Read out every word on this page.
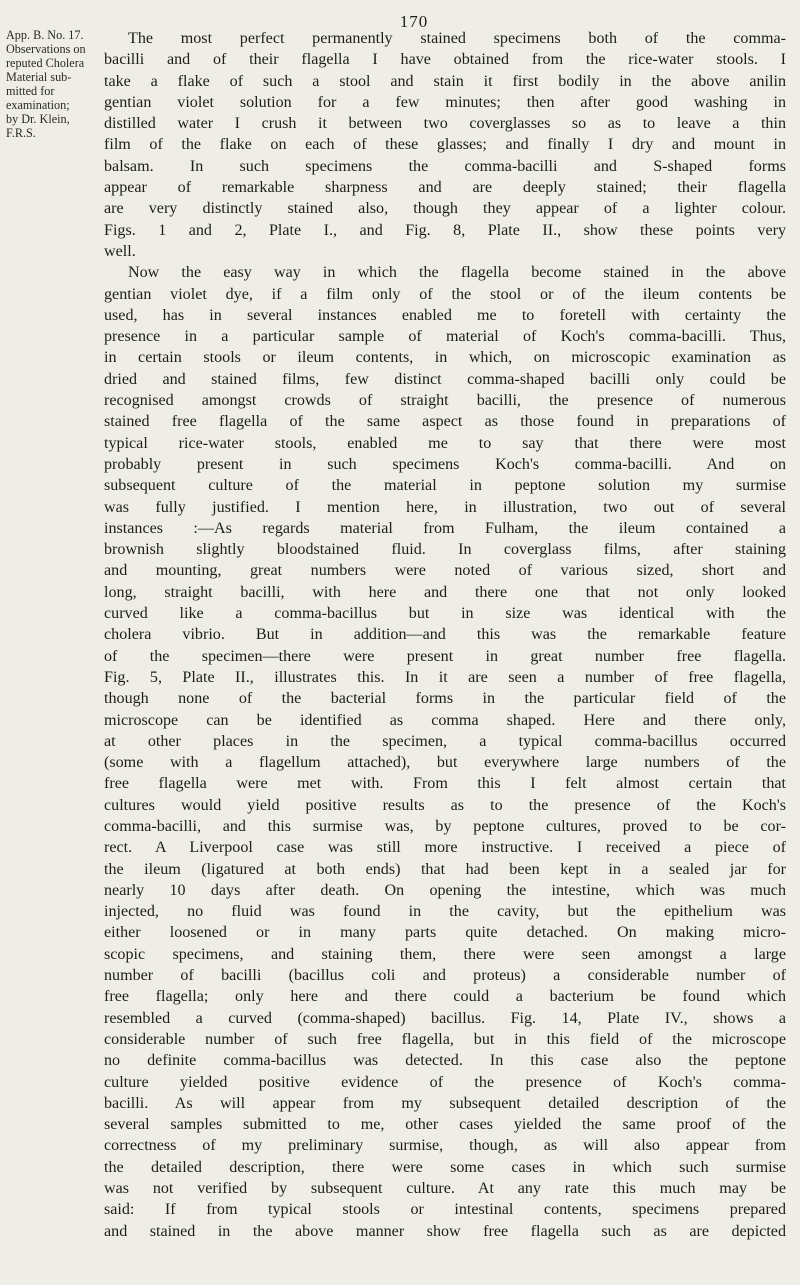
170
App. B. No. 17.
Observations on
reputed Cholera
Material sub-
mitted for
examination;
by Dr. Klein,
F.R.S.
The most perfect permanently stained specimens both of the comma-
bacilli and of their flagella I have obtained from the rice-water stools. I
take a flake of such a stool and stain it first bodily in the above anilin
gentian violet solution for a few minutes; then after good washing in
distilled water I crush it between two coverglasses so as to leave a thin
film of the flake on each of these glasses; and finally I dry and mount in
balsam. In such specimens the comma-bacilli and S-shaped forms
appear of remarkable sharpness and are deeply stained; their flagella
are very distinctly stained also, though they appear of a lighter colour.
Figs. 1 and 2, Plate I., and Fig. 8, Plate II., show these points very
well.
Now the easy way in which the flagella become stained in the above
gentian violet dye, if a film only of the stool or of the ileum contents be
used, has in several instances enabled me to foretell with certainty the
presence in a particular sample of material of Koch's comma-bacilli. Thus,
in certain stools or ileum contents, in which, on microscopic examination as
dried and stained films, few distinct comma-shaped bacilli only could be
recognised amongst crowds of straight bacilli, the presence of numerous
stained free flagella of the same aspect as those found in preparations of
typical rice-water stools, enabled me to say that there were most
probably present in such specimens Koch's comma-bacilli. And on
subsequent culture of the material in peptone solution my surmise
was fully justified. I mention here, in illustration, two out of several
instances :—As regards material from Fulham, the ileum contained a
brownish slightly bloodstained fluid. In coverglass films, after staining
and mounting, great numbers were noted of various sized, short and
long, straight bacilli, with here and there one that not only looked
curved like a comma-bacillus but in size was identical with the
cholera vibrio. But in addition—and this was the remarkable feature
of the specimen—there were present in great number free flagella.
Fig. 5, Plate II., illustrates this. In it are seen a number of free flagella,
though none of the bacterial forms in the particular field of the
microscope can be identified as comma shaped. Here and there only,
at other places in the specimen, a typical comma-bacillus occurred
(some with a flagellum attached), but everywhere large numbers of the
free flagella were met with. From this I felt almost certain that
cultures would yield positive results as to the presence of the Koch's
comma-bacilli, and this surmise was, by peptone cultures, proved to be cor-
rect. A Liverpool case was still more instructive. I received a piece of
the ileum (ligatured at both ends) that had been kept in a sealed jar for
nearly 10 days after death. On opening the intestine, which was much
injected, no fluid was found in the cavity, but the epithelium was
either loosened or in many parts quite detached. On making micro-
scopic specimens, and staining them, there were seen amongst a large
number of bacilli (bacillus coli and proteus) a considerable number of
free flagella; only here and there could a bacterium be found which
resembled a curved (comma-shaped) bacillus. Fig. 14, Plate IV., shows a
considerable number of such free flagella, but in this field of the microscope
no definite comma-bacillus was detected. In this case also the peptone
culture yielded positive evidence of the presence of Koch's comma-
bacilli. As will appear from my subsequent detailed description of the
several samples submitted to me, other cases yielded the same proof of the
correctness of my preliminary surmise, though, as will also appear from
the detailed description, there were some cases in which such surmise
was not verified by subsequent culture. At any rate this much may be
said: If from typical stools or intestinal contents, specimens prepared
and stained in the above manner show free flagella such as are depicted
